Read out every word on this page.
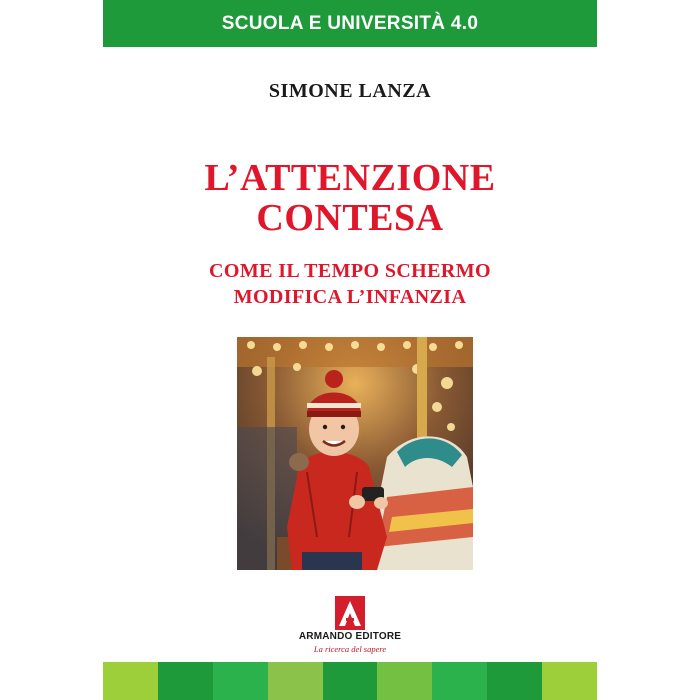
SCUOLA E UNIVERSITÀ 4.0
SIMONE LANZA
L’ATTENZIONE
CONTESA
COME IL TEMPO SCHERMO
MODIFICA L’INFANZIA
ARMANDO EDITORE
La ricerca del sapere
